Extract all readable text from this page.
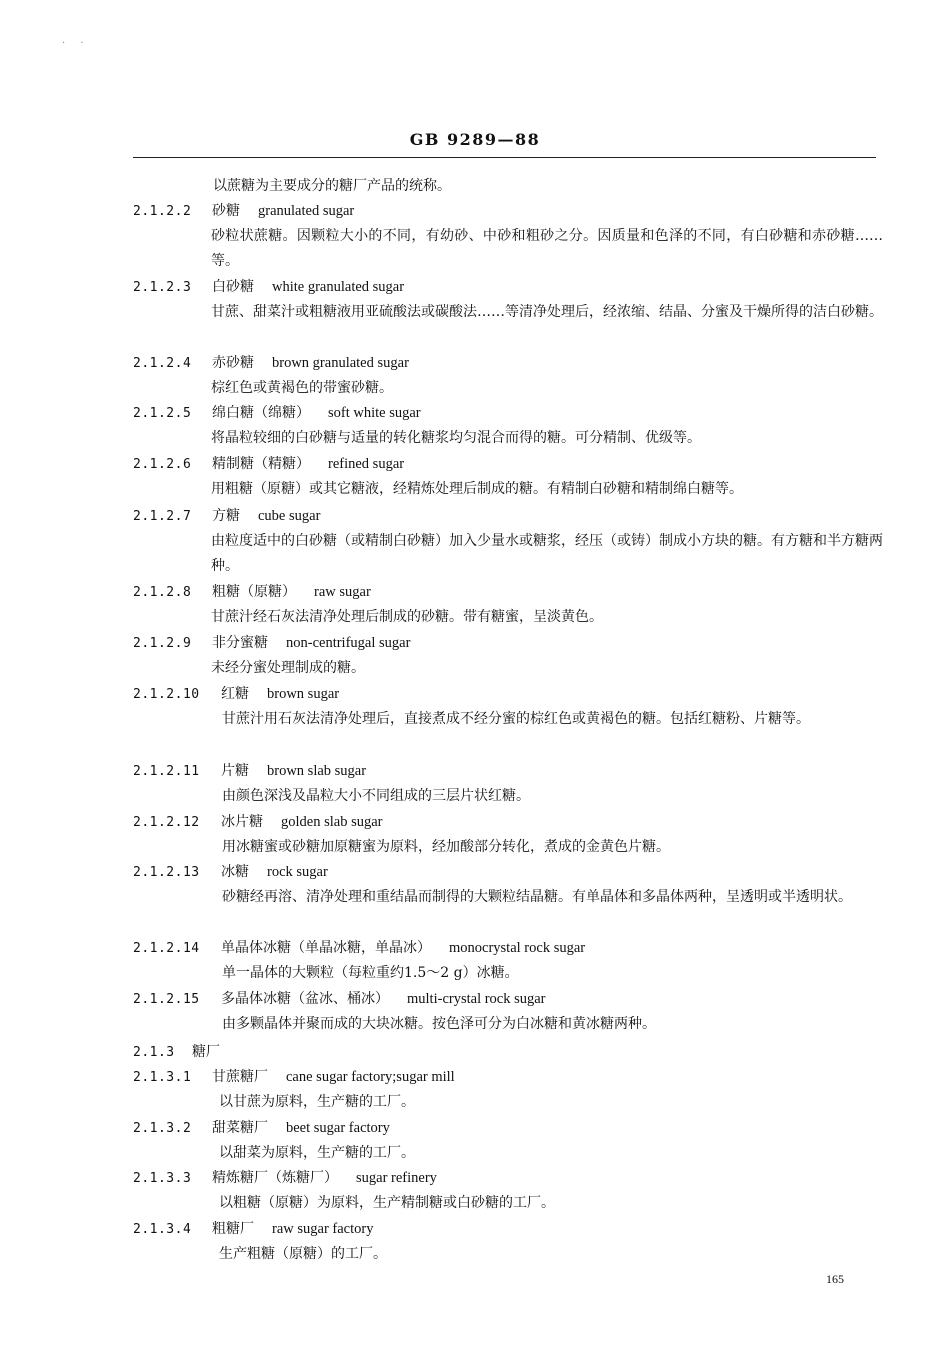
· ·
GB 9289—88
以蔗糖为主要成分的糖厂产品的统称。
2.1.2.2 砂糖 granulated sugar
砂粒状蔗糖。因颗粒大小的不同，有幼砂、中砂和粗砂之分。因质量和色泽的不同，有白砂糖和赤砂糖……等。
2.1.2.3 白砂糖 white granulated sugar
甘蔗、甜菜汁或粗糖液用亚硫酸法或碳酸法……等清净处理后，经浓缩、结晶、分蜜及干燥所得的洁白砂糖。
2.1.2.4 赤砂糖 brown granulated sugar
棕红色或黄褐色的带蜜砂糖。
2.1.2.5 绵白糖（绵糖） soft white sugar
将晶粒较细的白砂糖与适量的转化糖浆均匀混合而得的糖。可分精制、优级等。
2.1.2.6 精制糖（精糖） refined sugar
用粗糖（原糖）或其它糖液，经精炼处理后制成的糖。有精制白砂糖和精制绵白糖等。
2.1.2.7 方糖 cube sugar
由粒度适中的白砂糖（或精制白砂糖）加入少量水或糖浆，经压（或铸）制成小方块的糖。有方糖和半方糖两种。
2.1.2.8 粗糖（原糖） raw sugar
甘蔗汁经石灰法清净处理后制成的砂糖。带有糖蜜，呈淡黄色。
2.1.2.9 非分蜜糖 non-centrifugal sugar
未经分蜜处理制成的糖。
2.1.2.10 红糖 brown sugar
甘蔗汁用石灰法清净处理后，直接煮成不经分蜜的棕红色或黄褐色的糖。包括红糖粉、片糖等。
2.1.2.11 片糖 brown slab sugar
由颜色深浅及晶粒大小不同组成的三层片状红糖。
2.1.2.12 冰片糖 golden slab sugar
用冰糖蜜或砂糖加原糖蜜为原料，经加酸部分转化，煮成的金黄色片糖。
2.1.2.13 冰糖 rock sugar
砂糖经再溶、清净处理和重结晶而制得的大颗粒结晶糖。有单晶体和多晶体两种，呈透明或半透明状。
2.1.2.14 单晶体冰糖（单晶冰糖，单晶冰） monocrystal rock sugar
单一晶体的大颗粒（每粒重约1.5～2 g）冰糖。
2.1.2.15 多晶体冰糖（盆冰、桶冰） multi-crystal rock sugar
由多颗晶体并聚而成的大块冰糖。按色泽可分为白冰糖和黄冰糖两种。
2.1.3 糖厂
2.1.3.1 甘蔗糖厂 cane sugar factory;sugar mill
以甘蔗为原料，生产糖的工厂。
2.1.3.2 甜菜糖厂 beet sugar factory
以甜菜为原料，生产糖的工厂。
2.1.3.3 精炼糖厂（炼糖厂） sugar refinery
以粗糖（原糖）为原料，生产精制糖或白砂糖的工厂。
2.1.3.4 粗糖厂 raw sugar factory
生产粗糖（原糖）的工厂。
165
